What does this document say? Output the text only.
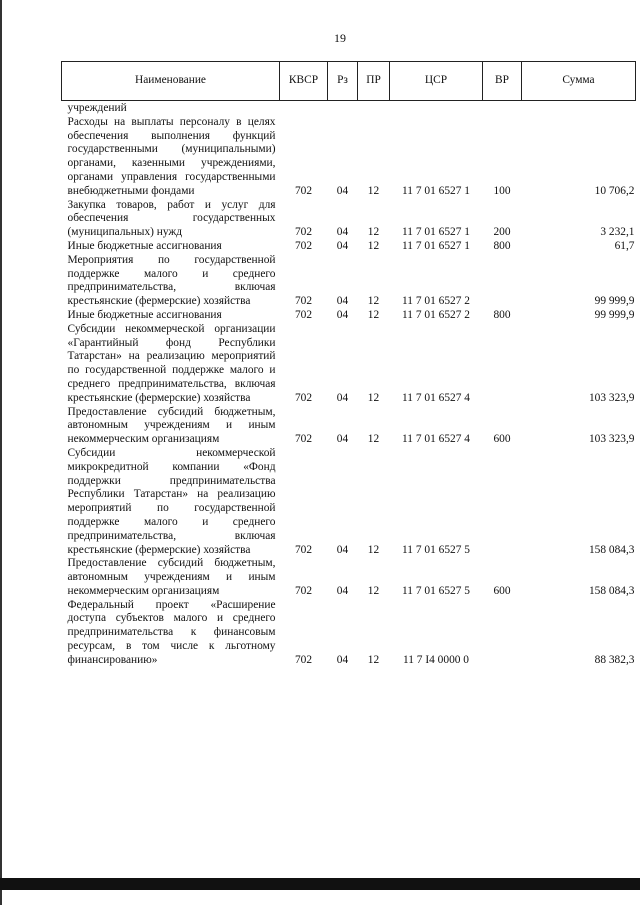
19
Наименование	КВСР	Рз	ПР	ЦСР	ВР	Сумма
учреждений						
Расходы на выплаты персоналу в целях обеспечения выполнения функций государственными (муниципальными) органами, казенными учреждениями, органами управления государственными внебюджетными фондами	702	04	12	11 7 01 6527 1	100	10 706,2
Закупка товаров, работ и услуг для обеспечения государственных (муниципальных) нужд	702	04	12	11 7 01 6527 1	200	3 232,1
Иные бюджетные ассигнования	702	04	12	11 7 01 6527 1	800	61,7
Мероприятия по государственной поддержке малого и среднего предпринимательства, включая крестьянские (фермерские) хозяйства	702	04	12	11 7 01 6527 2		99 999,9
Иные бюджетные ассигнования	702	04	12	11 7 01 6527 2	800	99 999,9
Субсидии некоммерческой организации «Гарантийный фонд Республики Татарстан» на реализацию мероприятий по государственной поддержке малого и среднего предпринимательства, включая крестьянские (фермерские) хозяйства	702	04	12	11 7 01 6527 4		103 323,9
Предоставление субсидий бюджетным, автономным учреждениям и иным некоммерческим организациям	702	04	12	11 7 01 6527 4	600	103 323,9
Субсидии некоммерческой микрокредитной компании «Фонд поддержки предпринимательства Республики Татарстан» на реализацию мероприятий по государственной поддержке малого и среднего предпринимательства, включая крестьянские (фермерские) хозяйства	702	04	12	11 7 01 6527 5		158 084,3
Предоставление субсидий бюджетным, автономным учреждениям и иным некоммерческим организациям	702	04	12	11 7 01 6527 5	600	158 084,3
Федеральный проект «Расширение доступа субъектов малого и среднего предпринимательства к финансовым ресурсам, в том числе к льготному финансированию»	702	04	12	11 7 I4 0000 0		88 382,3
